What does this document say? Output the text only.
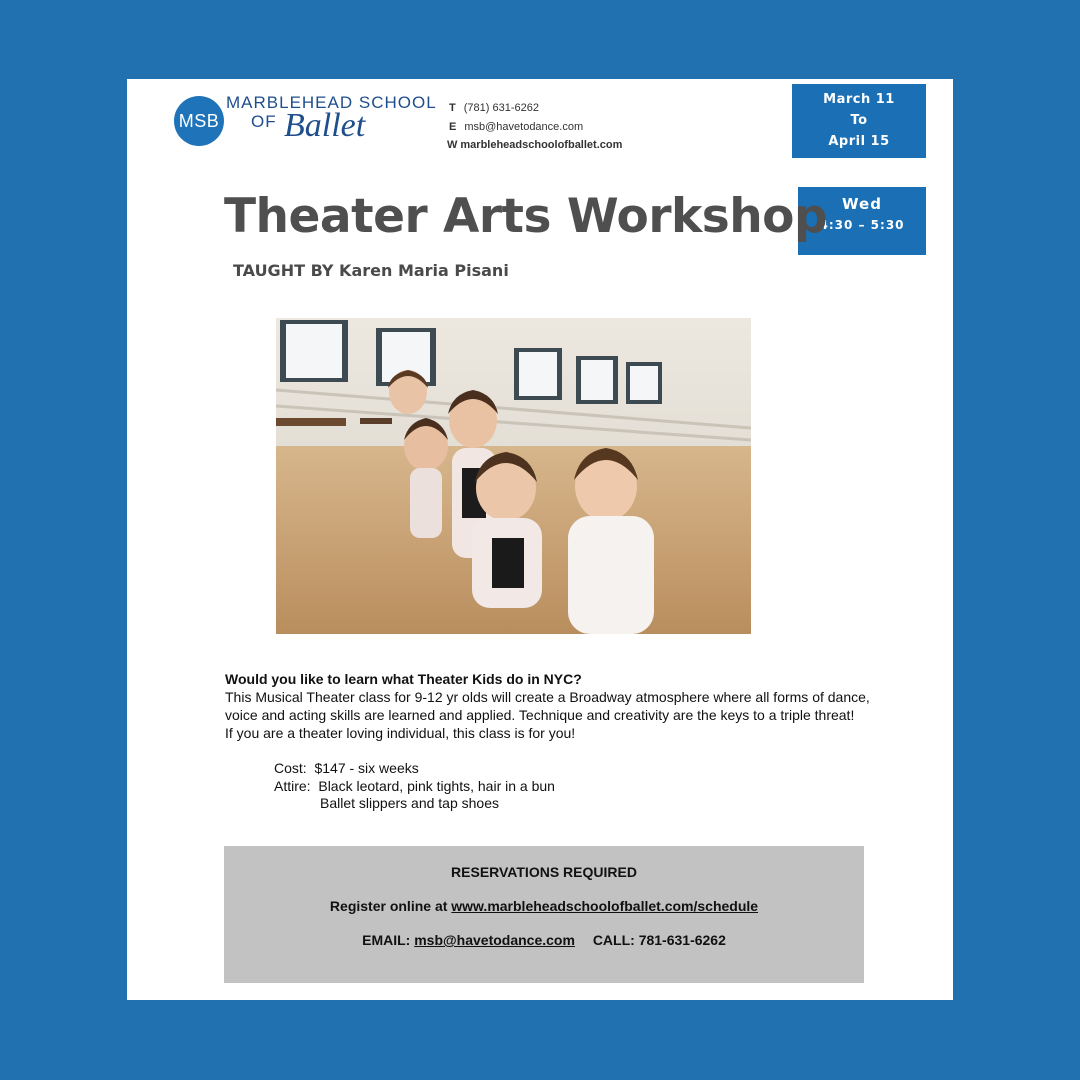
MSB
MARBLEHEAD SCHOOL
OF Ballet	T (781) 631-6262
E msb@havetodance.com
W marbleheadschoolofballet.com
March 11
To
April 15
Wed
4:30 – 5:30
Theater Arts Workshop
TAUGHT BY Karen Maria Pisani
Would you like to learn what Theater Kids do in NYC?
This Musical Theater class for 9-12 yr olds will create a Broadway atmosphere where all forms of dance,
voice and acting skills are learned and applied. Technique and creativity are the keys to a triple threat!
If you are a theater loving individual, this class is for you!
Cost: $147 - six weeks
Attire: Black leotard, pink tights, hair in a bun
Ballet slippers and tap shoes
RESERVATIONS REQUIRED
Register online at www.marbleheadschoolofballet.com/schedule
EMAIL: msb@havetodance.com CALL: 781-631-6262
